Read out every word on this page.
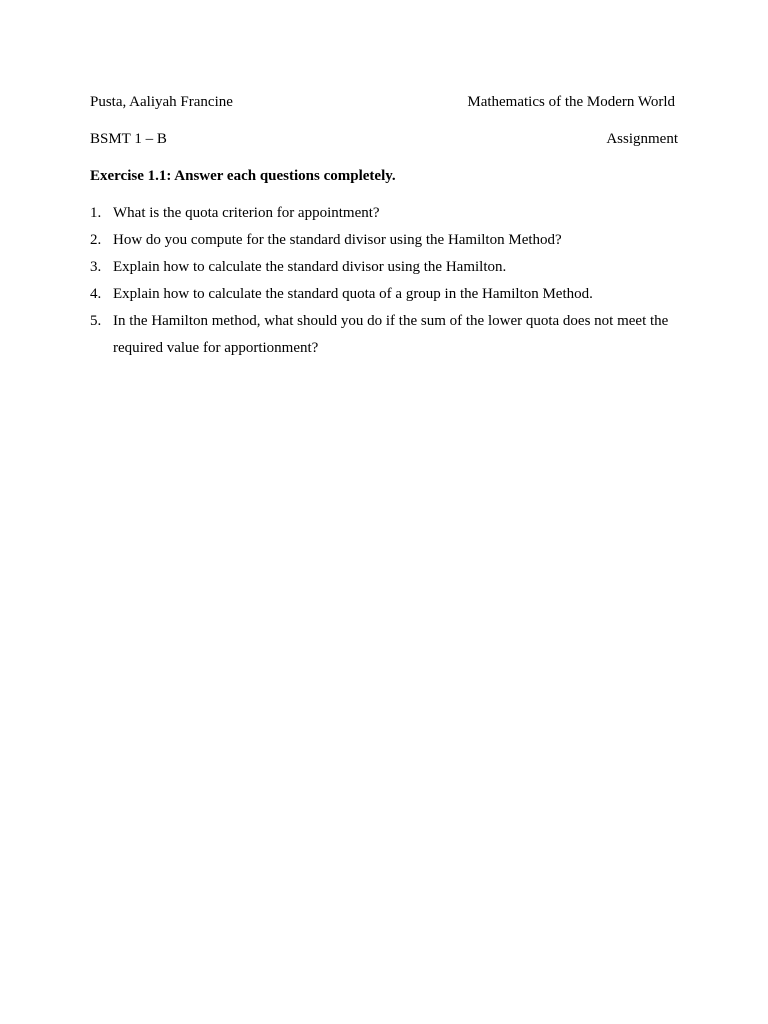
Pusta, Aaliyah Francine	Mathematics of the Modern World
BSMT 1 – B	Assignment
Exercise 1.1: Answer each questions completely.
1. What is the quota criterion for appointment?
2. How do you compute for the standard divisor using the Hamilton Method?
3. Explain how to calculate the standard divisor using the Hamilton.
4. Explain how to calculate the standard quota of a group in the Hamilton Method.
5. In the Hamilton method, what should you do if the sum of the lower quota does not meet the required value for apportionment?
